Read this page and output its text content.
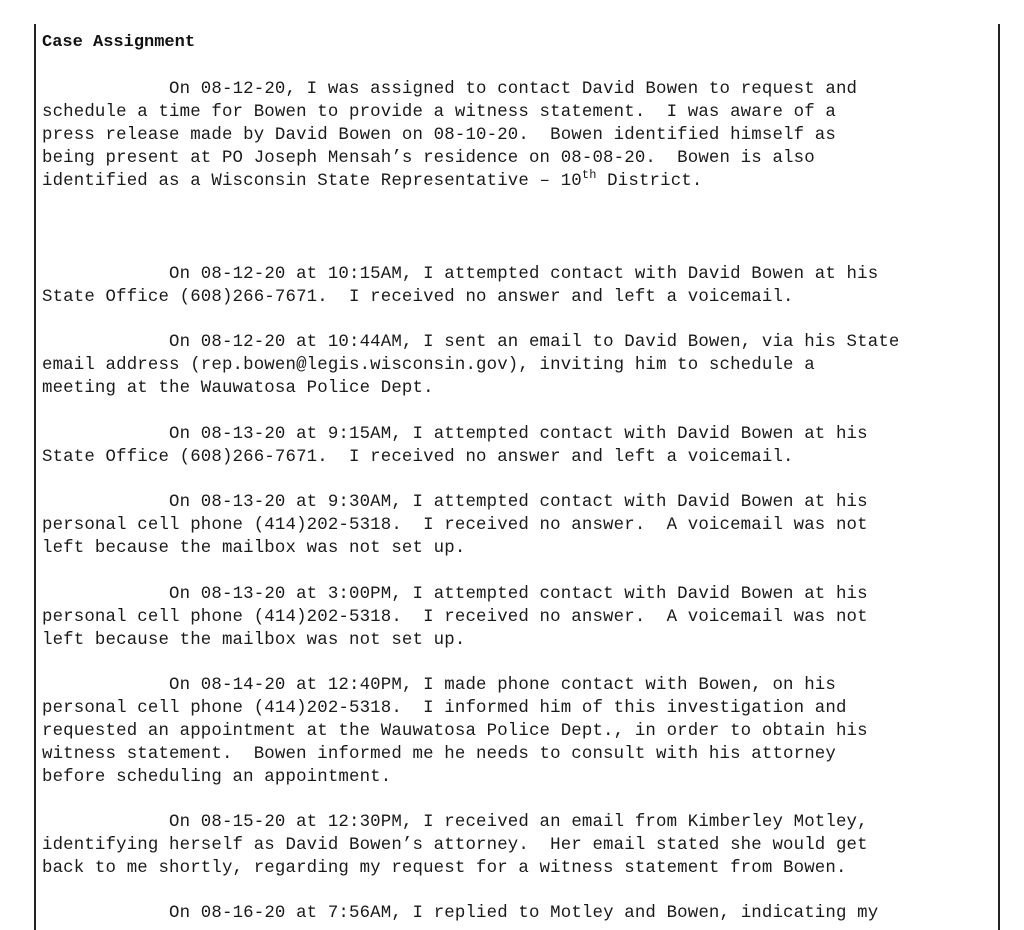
Case Assignment

On 08-12-20, I was assigned to contact David Bowen to request and
schedule a time for Bowen to provide a witness statement.  I was aware of a
press release made by David Bowen on 08-10-20.  Bowen identified himself as
being present at PO Joseph Mensah’s residence on 08-08-20.  Bowen is also
identified as a Wisconsin State Representative – 10th District.

On 08-12-20 at 10:15AM, I attempted contact with David Bowen at his
State Office (608)266-7671.  I received no answer and left a voicemail.

On 08-12-20 at 10:44AM, I sent an email to David Bowen, via his State
email address (rep.bowen@legis.wisconsin.gov), inviting him to schedule a
meeting at the Wauwatosa Police Dept.

On 08-13-20 at 9:15AM, I attempted contact with David Bowen at his
State Office (608)266-7671.  I received no answer and left a voicemail.

On 08-13-20 at 9:30AM, I attempted contact with David Bowen at his
personal cell phone (414)202-5318.  I received no answer.  A voicemail was not
left because the mailbox was not set up.

On 08-13-20 at 3:00PM, I attempted contact with David Bowen at his
personal cell phone (414)202-5318.  I received no answer.  A voicemail was not
left because the mailbox was not set up.

On 08-14-20 at 12:40PM, I made phone contact with Bowen, on his
personal cell phone (414)202-5318.  I informed him of this investigation and
requested an appointment at the Wauwatosa Police Dept., in order to obtain his
witness statement.  Bowen informed me he needs to consult with his attorney
before scheduling an appointment.

On 08-15-20 at 12:30PM, I received an email from Kimberley Motley,
identifying herself as David Bowen’s attorney.  Her email stated she would get
back to me shortly, regarding my request for a witness statement from Bowen.

On 08-16-20 at 7:56AM, I replied to Motley and Bowen, indicating my
